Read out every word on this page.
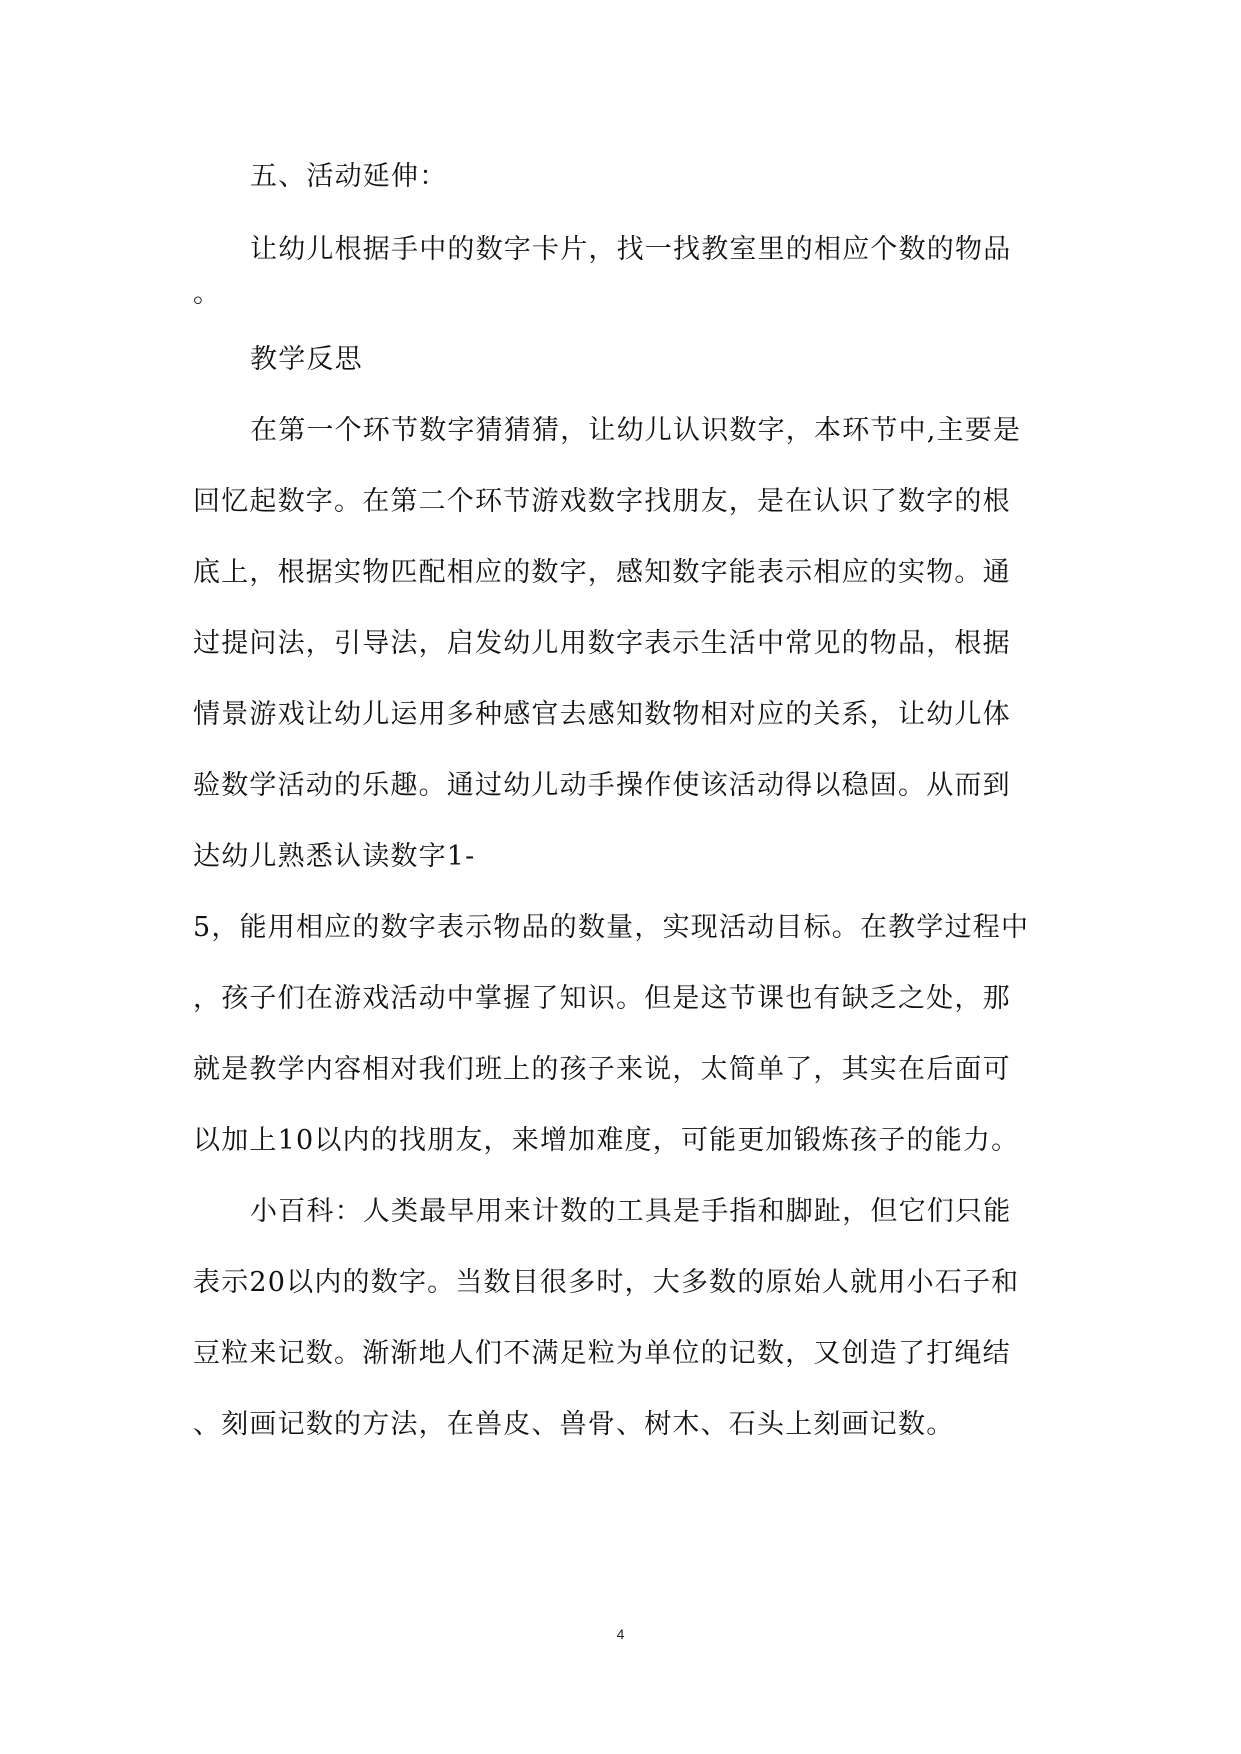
五、活动延伸：
让幼儿根据手中的数字卡片，找一找教室里的相应个数的物品
。
教学反思
在第一个环节数字猜猜猜，让幼儿认识数字，本环节中,主要是
回忆起数字。在第二个环节游戏数字找朋友，是在认识了数字的根
底上，根据实物匹配相应的数字，感知数字能表示相应的实物。通
过提问法，引导法，启发幼儿用数字表示生活中常见的物品，根据
情景游戏让幼儿运用多种感官去感知数物相对应的关系，让幼儿体
验数学活动的乐趣。通过幼儿动手操作使该活动得以稳固。从而到
达幼儿熟悉认读数字1-
5，能用相应的数字表示物品的数量，实现活动目标。在教学过程中
，孩子们在游戏活动中掌握了知识。但是这节课也有缺乏之处，那
就是教学内容相对我们班上的孩子来说，太简单了，其实在后面可
以加上10以内的找朋友，来增加难度，可能更加锻炼孩子的能力。
小百科：人类最早用来计数的工具是手指和脚趾，但它们只能
表示20以内的数字。当数目很多时，大多数的原始人就用小石子和
豆粒来记数。渐渐地人们不满足粒为单位的记数，又创造了打绳结
、刻画记数的方法，在兽皮、兽骨、树木、石头上刻画记数。
4
